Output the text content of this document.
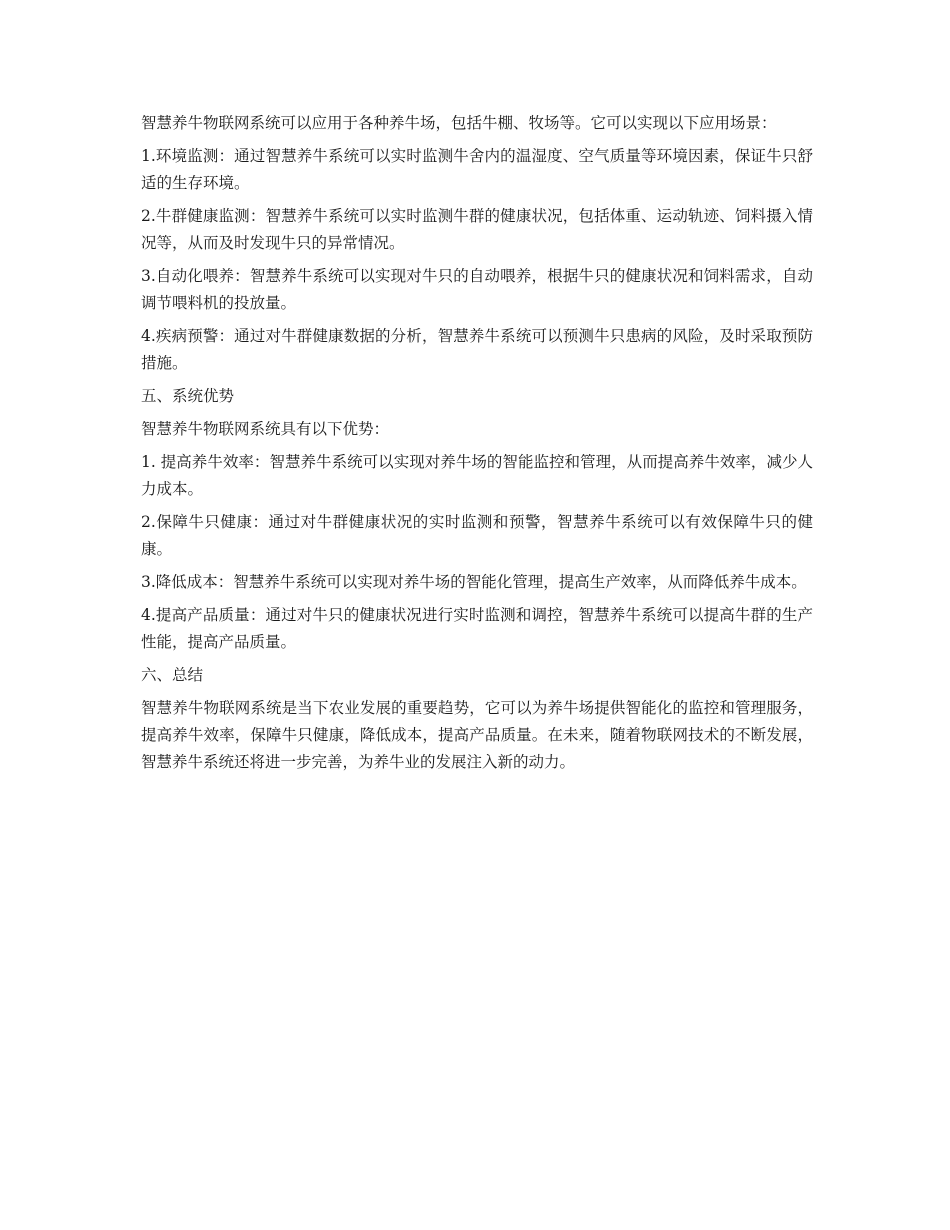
智慧养牛物联网系统可以应用于各种养牛场，包括牛棚、牧场等。它可以实现以下应用场景：

1.环境监测：通过智慧养牛系统可以实时监测牛舍内的温湿度、空气质量等环境因素，保证牛只舒适的生存环境。

2.牛群健康监测：智慧养牛系统可以实时监测牛群的健康状况，包括体重、运动轨迹、饲料摄入情况等，从而及时发现牛只的异常情况。

3.自动化喂养：智慧养牛系统可以实现对牛只的自动喂养，根据牛只的健康状况和饲料需求，自动调节喂料机的投放量。

4.疾病预警：通过对牛群健康数据的分析，智慧养牛系统可以预测牛只患病的风险，及时采取预防措施。

五、系统优势

智慧养牛物联网系统具有以下优势：

1. 提高养牛效率：智慧养牛系统可以实现对养牛场的智能监控和管理，从而提高养牛效率，减少人力成本。

2.保障牛只健康：通过对牛群健康状况的实时监测和预警，智慧养牛系统可以有效保障牛只的健康。

3.降低成本：智慧养牛系统可以实现对养牛场的智能化管理，提高生产效率，从而降低养牛成本。

4.提高产品质量：通过对牛只的健康状况进行实时监测和调控，智慧养牛系统可以提高牛群的生产性能，提高产品质量。

六、总结

智慧养牛物联网系统是当下农业发展的重要趋势，它可以为养牛场提供智能化的监控和管理服务，提高养牛效率，保障牛只健康，降低成本，提高产品质量。在未来，随着物联网技术的不断发展，智慧养牛系统还将进一步完善，为养牛业的发展注入新的动力。
